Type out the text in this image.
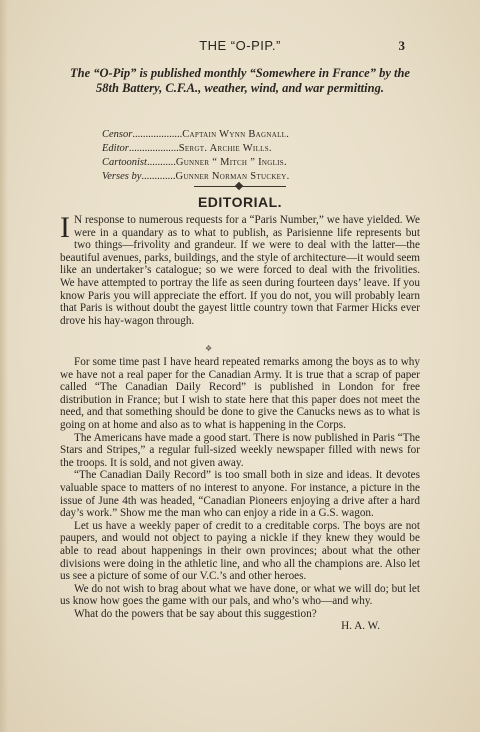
THE “O-PIP.”	3
The “O-Pip” is published monthly “Somewhere in France” by the 58th Battery, C.F.A., weather, wind, and war permitting.
Censor ................... Captain Wynn Bagnall.
Editor ................... Sergt. Archie Wills.
Cartoonist ........... Gunner “ Mitch ” Inglis.
Verses by ............. Gunner Norman Stuckey.
EDITORIAL.

I N response to numerous requests for a “Paris Number,” we have yielded. We were in a quandary as to what to publish, as Parisienne life represents but two things—frivolity and grandeur. If we were to deal with the latter—the beautiful avenues, parks, buildings, and the style of architecture—it would seem like an undertaker’s catalogue; so we were forced to deal with the frivolities. We have attempted to portray the life as seen during fourteen days’ leave. If you know Paris you will appreciate the effort. If you do not, you will probably learn that Paris is without doubt the gayest little country town that Farmer Hicks ever drove his hay-wagon through.

❖

For some time past I have heard repeated remarks among the boys as to why we have not a real paper for the Canadian Army. It is true that a scrap of paper called “The Canadian Daily Record” is published in London for free distribution in France; but I wish to state here that this paper does not meet the need, and that something should be done to give the Canucks news as to what is going on at home and also as to what is happening in the Corps.

The Americans have made a good start. There is now published in Paris “The Stars and Stripes,” a regular full-sized weekly newspaper filled with news for the troops. It is sold, and not given away.

“The Canadian Daily Record” is too small both in size and ideas. It devotes valuable space to matters of no interest to anyone. For instance, a picture in the issue of June 4th was headed, “Canadian Pioneers enjoying a drive after a hard day’s work.” Show me the man who can enjoy a ride in a G.S. wagon.

Let us have a weekly paper of credit to a creditable corps. The boys are not paupers, and would not object to paying a nickle if they knew they would be able to read about happenings in their own provinces; about what the other divisions were doing in the athletic line, and who all the champions are. Also let us see a picture of some of our V.C.’s and other heroes.

We do not wish to brag about what we have done, or what we will do; but let us know how goes the game with our pals, and who’s who—and why.

What do the powers that be say about this suggestion?

H. A. W.
